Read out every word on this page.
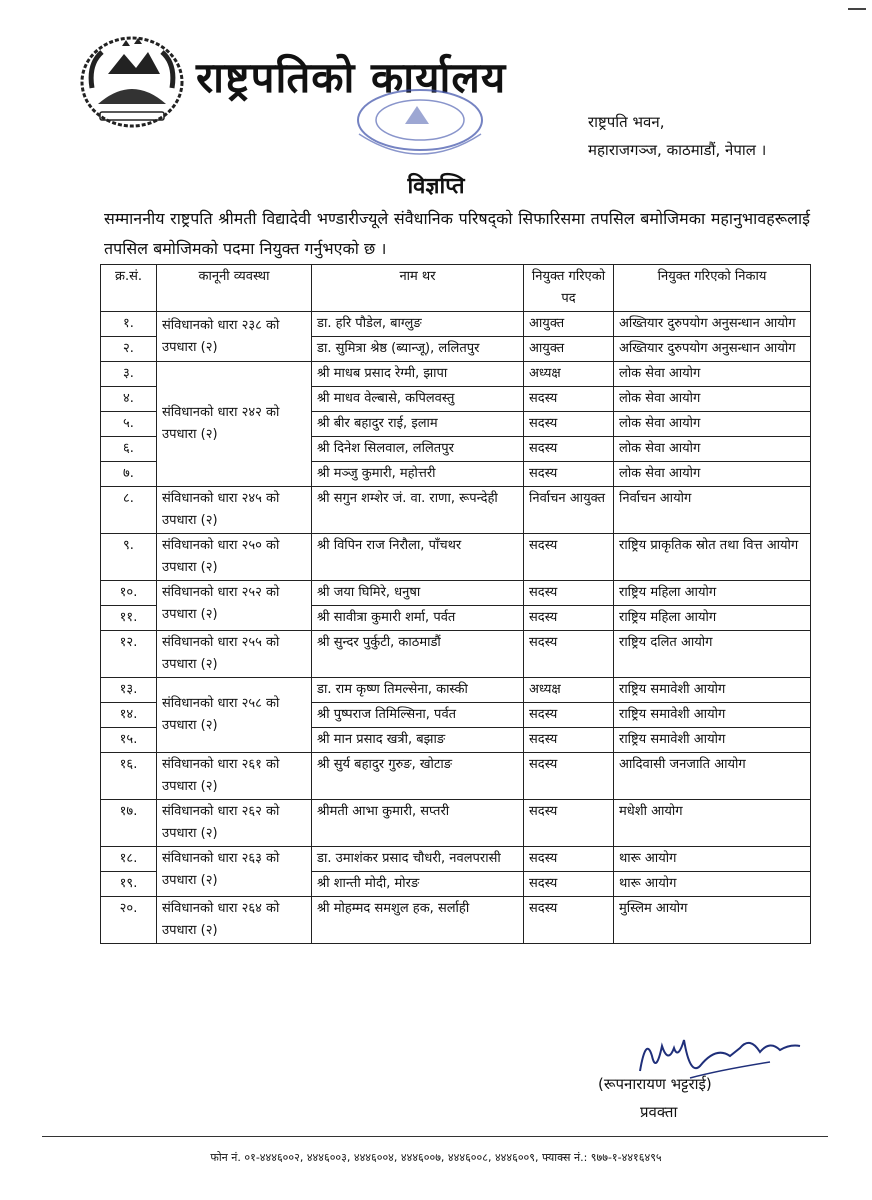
राष्ट्रपतिको कार्यालय
राष्ट्रपति भवन,
महाराजगञ्ज, काठमाडौं, नेपाल ।
विज्ञप्ति
सम्माननीय राष्ट्रपति श्रीमती विद्यादेवी भण्डारीज्यूले संवैधानिक परिषद्‌को सिफारिसमा तपसिल बमोजिमका महानुभावहरूलाई तपसिल बमोजिमको पदमा नियुक्त गर्नुभएको छ ।
क्र.सं.	कानूनी व्यवस्था	नाम थर	नियुक्त गरिएको पद	नियुक्त गरिएको निकाय
१.	संविधानको धारा २३८ को उपधारा (२)	डा. हरि पौडेल, बाग्लुङ	आयुक्त	अख्तियार दुरुपयोग अनुसन्धान आयोग
२.		डा. सुमित्रा श्रेष्ठ (ब्यान्जू), ललितपुर	आयुक्त	अख्तियार दुरुपयोग अनुसन्धान आयोग
३.	संविधानको धारा २४२ को उपधारा (२)	श्री माधब प्रसाद रेग्मी, झापा	अध्यक्ष	लोक सेवा आयोग
४.		श्री माधव वेल्बासे, कपिलवस्तु	सदस्य	लोक सेवा आयोग
५.		श्री बीर बहादुर राई, इलाम	सदस्य	लोक सेवा आयोग
६.		श्री दिनेश सिलवाल, ललितपुर	सदस्य	लोक सेवा आयोग
७.		श्री मञ्जु कुमारी, महोत्तरी	सदस्य	लोक सेवा आयोग
८.	संविधानको धारा २४५ को उपधारा (२)	श्री सगुन शम्शेर जं. वा. राणा, रूपन्देही	निर्वाचन आयुक्त	निर्वाचन आयोग
९.	संविधानको धारा २५० को उपधारा (२)	श्री विपिन राज निरौला, पाँचथर	सदस्य	राष्ट्रिय प्राकृतिक स्रोत तथा वित्त आयोग
१०.	संविधानको धारा २५२ को उपधारा (२)	श्री जया घिमिरे, धनुषा	सदस्य	राष्ट्रिय महिला आयोग
११.		श्री सावीत्रा कुमारी शर्मा, पर्वत	सदस्य	राष्ट्रिय महिला आयोग
१२.	संविधानको धारा २५५ को उपधारा (२)	श्री सुन्दर पुर्कुटी, काठमाडौं	सदस्य	राष्ट्रिय दलित आयोग
१३.	संविधानको धारा २५८ को उपधारा (२)	डा. राम कृष्ण तिमल्सेना, कास्की	अध्यक्ष	राष्ट्रिय समावेशी आयोग
१४.		श्री पुष्पराज तिमिल्सिना, पर्वत	सदस्य	राष्ट्रिय समावेशी आयोग
१५.		श्री मान प्रसाद खत्री, बझाङ	सदस्य	राष्ट्रिय समावेशी आयोग
१६.	संविधानको धारा २६१ को उपधारा (२)	श्री सुर्य बहादुर गुरुङ, खोटाङ	सदस्य	आदिवासी जनजाति आयोग
१७.	संविधानको धारा २६२ को उपधारा (२)	श्रीमती आभा कुमारी, सप्तरी	सदस्य	मधेशी आयोग
१८.	संविधानको धारा २६३ को उपधारा (२)	डा. उमाशंकर प्रसाद चौधरी, नवलपरासी	सदस्य	थारू आयोग
१९.		श्री शान्ती मोदी, मोरङ	सदस्य	थारू आयोग
२०.	संविधानको धारा २६४ को उपधारा (२)	श्री मोहम्मद समशुल हक, सर्लाही	सदस्य	मुस्लिम आयोग
(रूपनारायण भट्टराई)
प्रवक्ता
फोन नं. ०१-४४४६००२, ४४४६००३, ४४४६००४, ४४४६००७, ४४४६००८, ४४४६००९, फ्याक्स नं.: ९७७-१-४४१६४९५
